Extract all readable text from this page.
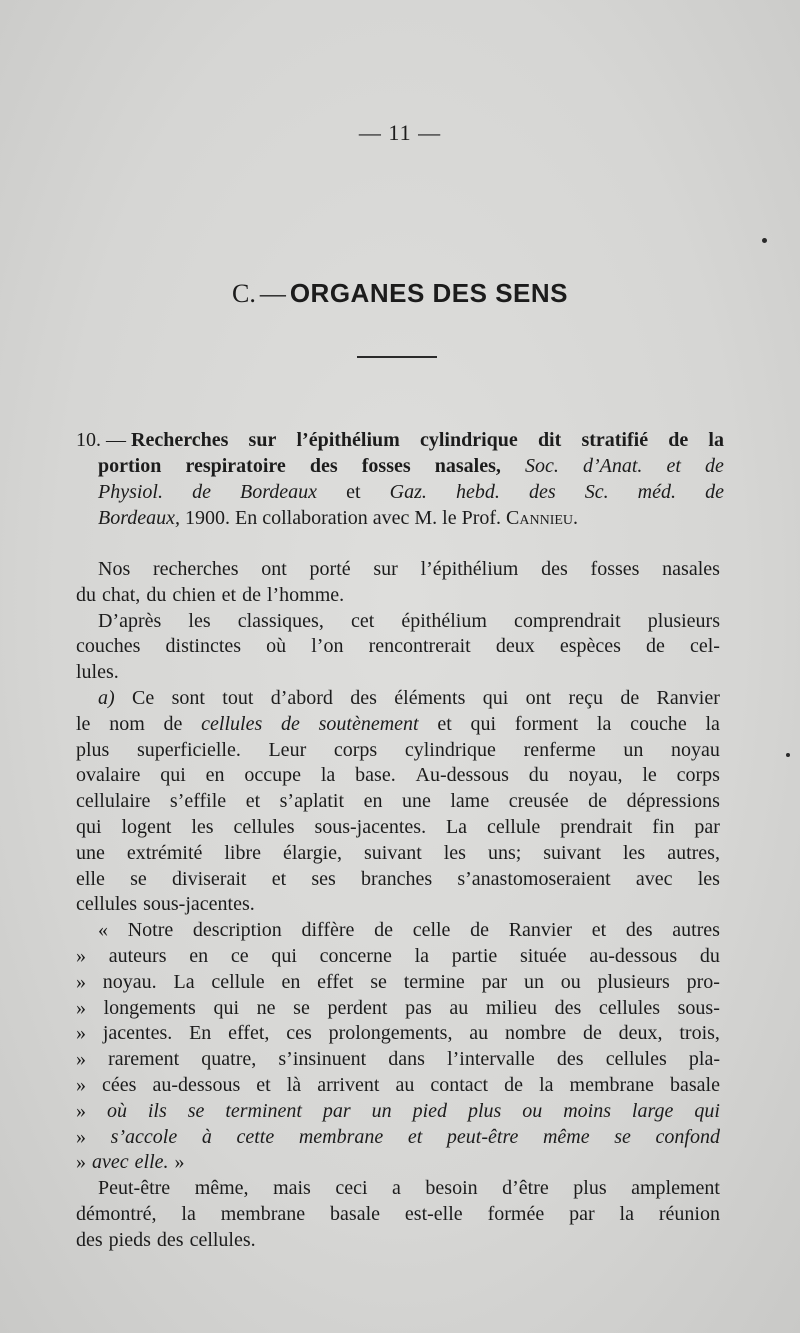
— 11 —
C. — ORGANES DES SENS
10. — Recherches sur l’épithélium cylindrique dit stratifié de la
portion respiratoire des fosses nasales, Soc. d’Anat. et de
Physiol. de Bordeaux et Gaz. hebd. des Sc. méd. de
Bordeaux, 1900. En collaboration avec M. le Prof. Cannieu.
Nos recherches ont porté sur l’épithélium des fosses nasales
du chat, du chien et de l’homme.
D’après les classiques, cet épithélium comprendrait plusieurs
couches distinctes où l’on rencontrerait deux espèces de cel-
lules.
a) Ce sont tout d’abord des éléments qui ont reçu de Ranvier
le nom de cellules de soutènement et qui forment la couche la
plus superficielle. Leur corps cylindrique renferme un noyau
ovalaire qui en occupe la base. Au-dessous du noyau, le corps
cellulaire s’effile et s’aplatit en une lame creusée de dépressions
qui logent les cellules sous-jacentes. La cellule prendrait fin par
une extrémité libre élargie, suivant les uns; suivant les autres,
elle se diviserait et ses branches s’anastomoseraient avec les
cellules sous-jacentes.
« Notre description diffère de celle de Ranvier et des autres
» auteurs en ce qui concerne la partie située au-dessous du
» noyau. La cellule en effet se termine par un ou plusieurs pro-
» longements qui ne se perdent pas au milieu des cellules sous-
» jacentes. En effet, ces prolongements, au nombre de deux, trois,
» rarement quatre, s’insinuent dans l’intervalle des cellules pla-
» cées au-dessous et là arrivent au contact de la membrane basale
» où ils se terminent par un pied plus ou moins large qui
» s’accole à cette membrane et peut-être même se confond
» avec elle. »
Peut-être même, mais ceci a besoin d’être plus amplement
démontré, la membrane basale est-elle formée par la réunion
des pieds des cellules.
